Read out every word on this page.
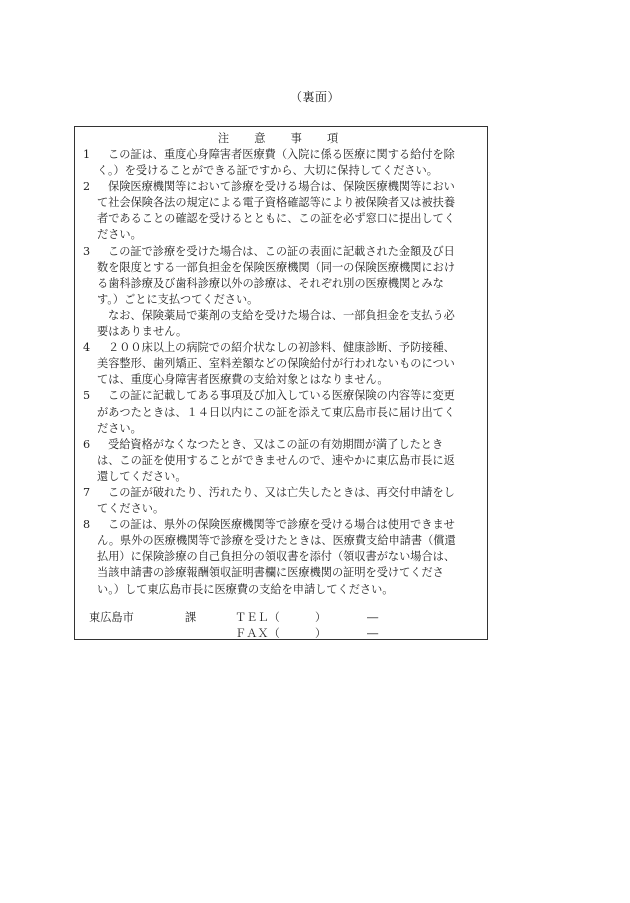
（裏面）
注　意　事　項
1	この証は、重度心身障害者医療費（入院に係る医療に関する給付を除
く。）を受けることができる証ですから、大切に保持してください。
2	保険医療機関等において診療を受ける場合は、保険医療機関等におい
て社会保険各法の規定による電子資格確認等により被保険者又は被扶養
者であることの確認を受けるとともに、この証を必ず窓口に提出してく
ださい。
3	この証で診療を受けた場合は、この証の表面に記載された金額及び日
数を限度とする一部負担金を保険医療機関（同一の保険医療機関におけ
る歯科診療及び歯科診療以外の診療は、それぞれ別の医療機関とみな
す。）ごとに支払つてください。
なお、保険薬局で薬剤の支給を受けた場合は、一部負担金を支払う必
要はありません。
4	２００床以上の病院での紹介状なしの初診料、健康診断、予防接種、
美容整形、歯列矯正、室料差額などの保険給付が行われないものについ
ては、重度心身障害者医療費の支給対象とはなりません。
5	この証に記載してある事項及び加入している医療保険の内容等に変更
があつたときは、１４日以内にこの証を添えて東広島市長に届け出てく
ださい。
6	受給資格がなくなつたとき、又はこの証の有効期間が満了したとき
は、この証を使用することができませんので、速やかに東広島市長に返
還してください。
7	この証が破れたり、汚れたり、又は亡失したときは、再交付申請をし
てください。
8	この証は、県外の保険医療機関等で診療を受ける場合は使用できませ
ん。県外の医療機関等で診療を受けたときは、医療費支給申請書（償還
払用）に保険診療の自己負担分の領収書を添付（領収書がない場合は、
当該申請書の診療報酬領収証明書欄に医療機関の証明を受けてくださ
い。）して東広島市長に医療費の支給を申請してください。
東広島市	課	ＴＥＬ（	）	―
ＦＡＸ（	）	―
